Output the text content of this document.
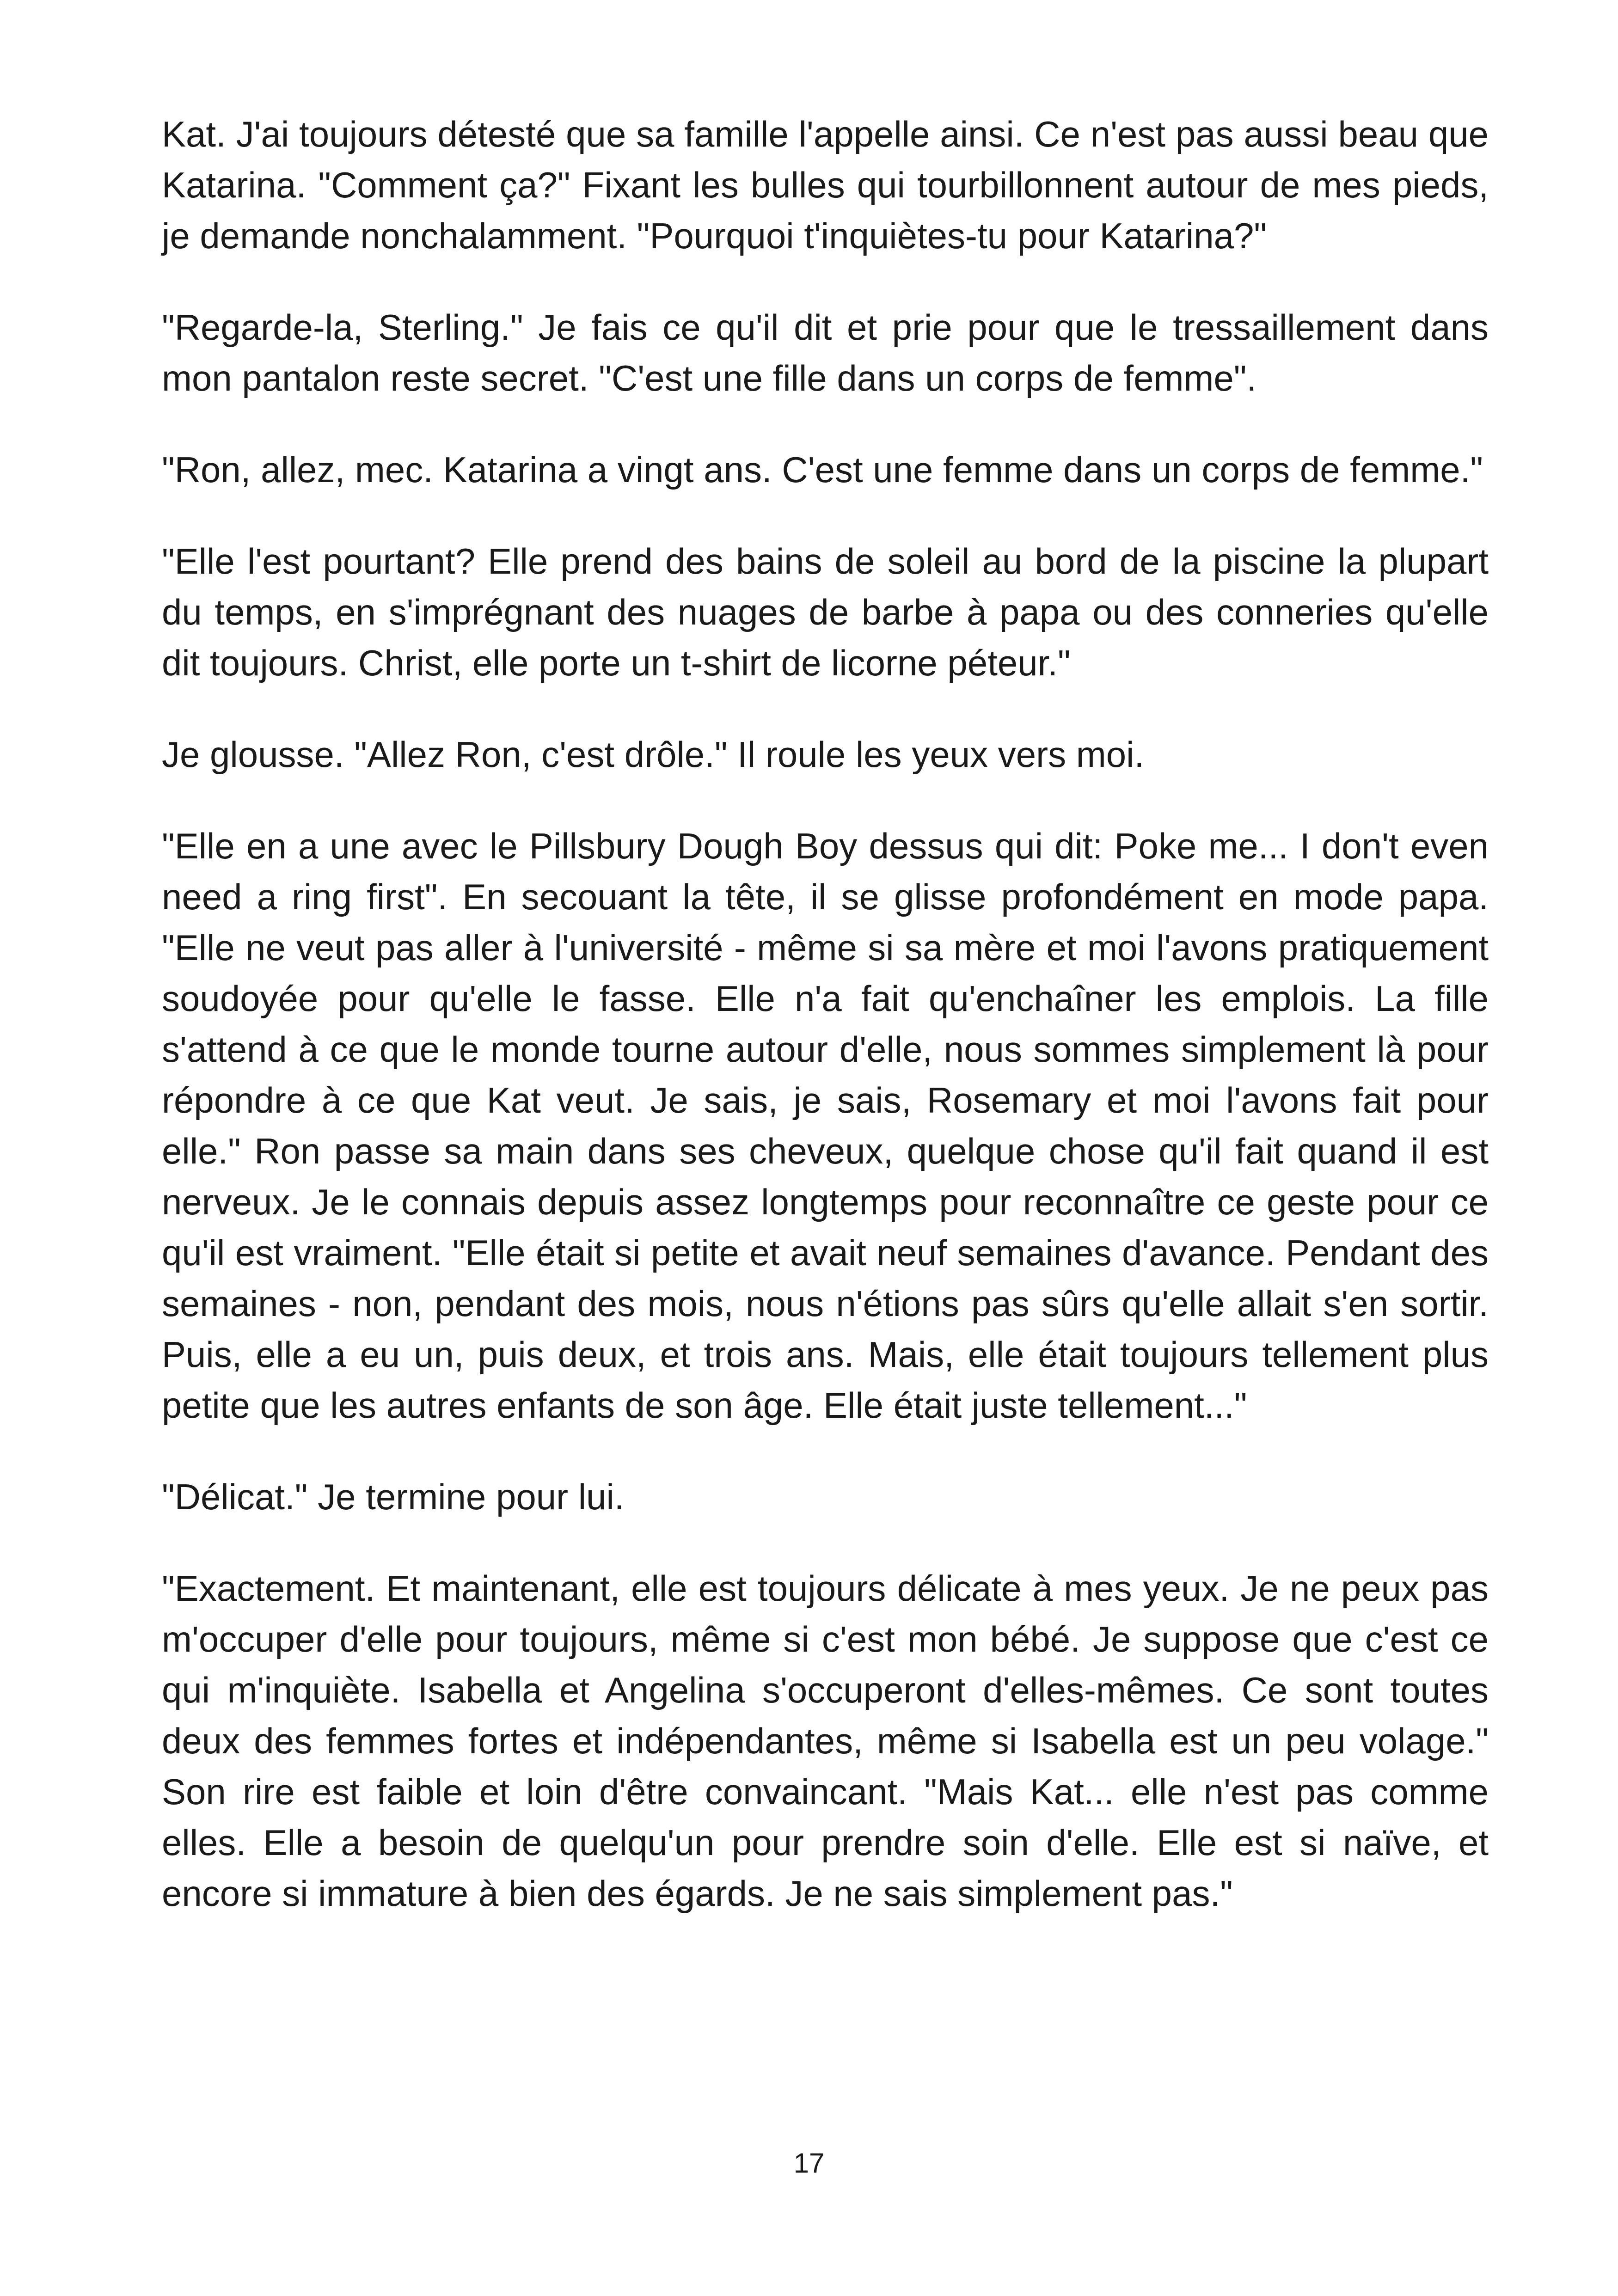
Kat. J'ai toujours détesté que sa famille l'appelle ainsi. Ce n'est pas aussi beau que Katarina. "Comment ça?" Fixant les bulles qui tourbillonnent autour de mes pieds, je demande nonchalamment. "Pourquoi t'inquiètes-tu pour Katarina?"

"Regarde-la, Sterling." Je fais ce qu'il dit et prie pour que le tressaillement dans mon pantalon reste secret. "C'est une fille dans un corps de femme".

"Ron, allez, mec. Katarina a vingt ans. C'est une femme dans un corps de femme."

"Elle l'est pourtant? Elle prend des bains de soleil au bord de la piscine la plupart du temps, en s'imprégnant des nuages de barbe à papa ou des conneries qu'elle dit toujours. Christ, elle porte un t-shirt de licorne péteur."

Je glousse. "Allez Ron, c'est drôle." Il roule les yeux vers moi.

"Elle en a une avec le Pillsbury Dough Boy dessus qui dit: Poke me... I don't even need a ring first". En secouant la tête, il se glisse profondément en mode papa. "Elle ne veut pas aller à l'université - même si sa mère et moi l'avons pratiquement soudoyée pour qu'elle le fasse. Elle n'a fait qu'enchaîner les emplois. La fille s'attend à ce que le monde tourne autour d'elle, nous sommes simplement là pour répondre à ce que Kat veut. Je sais, je sais, Rosemary et moi l'avons fait pour elle." Ron passe sa main dans ses cheveux, quelque chose qu'il fait quand il est nerveux. Je le connais depuis assez longtemps pour reconnaître ce geste pour ce qu'il est vraiment. "Elle était si petite et avait neuf semaines d'avance. Pendant des semaines - non, pendant des mois, nous n'étions pas sûrs qu'elle allait s'en sortir. Puis, elle a eu un, puis deux, et trois ans. Mais, elle était toujours tellement plus petite que les autres enfants de son âge. Elle était juste tellement..."

"Délicat." Je termine pour lui.

"Exactement. Et maintenant, elle est toujours délicate à mes yeux. Je ne peux pas m'occuper d'elle pour toujours, même si c'est mon bébé. Je suppose que c'est ce qui m'inquiète. Isabella et Angelina s'occuperont d'elles-mêmes. Ce sont toutes deux des femmes fortes et indépendantes, même si Isabella est un peu volage." Son rire est faible et loin d'être convaincant. "Mais Kat... elle n'est pas comme elles. Elle a besoin de quelqu'un pour prendre soin d'elle. Elle est si naïve, et encore si immature à bien des égards. Je ne sais simplement pas."

17
